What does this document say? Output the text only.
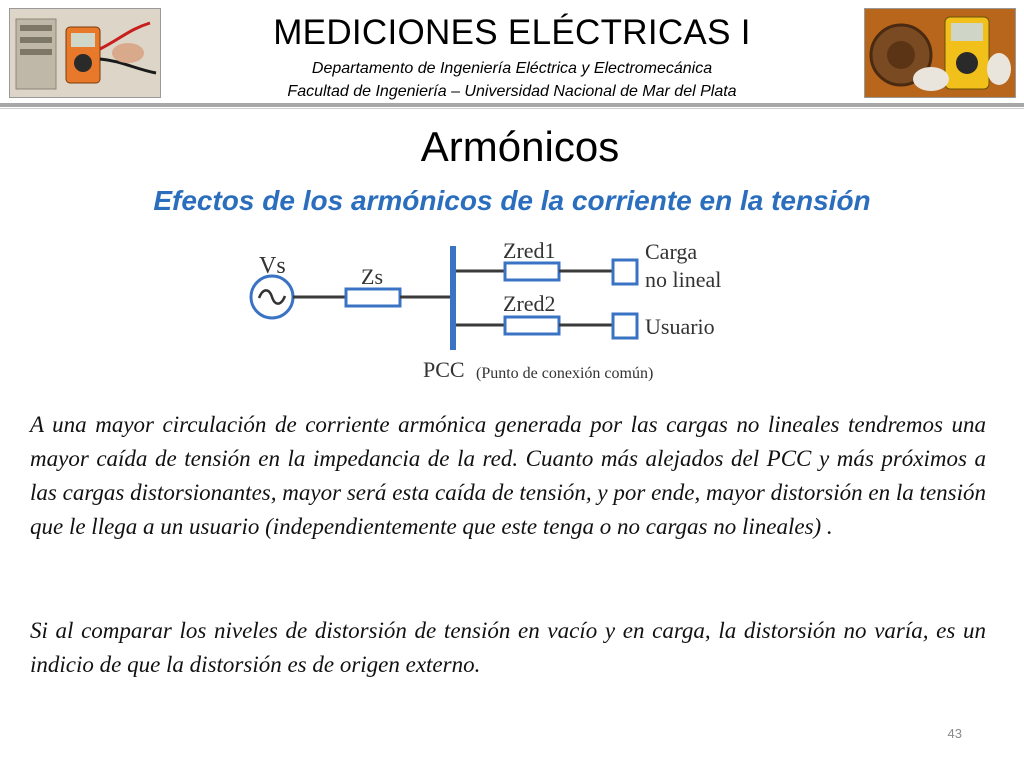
MEDICIONES ELÉCTRICAS I
Departamento de Ingeniería Eléctrica y Electromecánica
Facultad de Ingeniería – Universidad Nacional de Mar del Plata
Armónicos
Efectos de los armónicos de la corriente en la tensión
Vs	Zs
Zred1	Carga
no lineal
Zred2
Usuario
PCC (Punto de conexión común)

A una mayor circulación de corriente armónica generada por las cargas no lineales tendremos una mayor caída de tensión en la impedancia de la red. Cuanto más alejados del PCC y más próximos a las cargas distorsionantes, mayor será esta caída de tensión, y por ende, mayor distorsión en la tensión que le llega a un usuario (independientemente que este tenga o no cargas no lineales) .

Si al comparar los niveles de distorsión de tensión en vacío y en carga, la distorsión no varía, es un indicio de que la distorsión es de origen externo.

43
